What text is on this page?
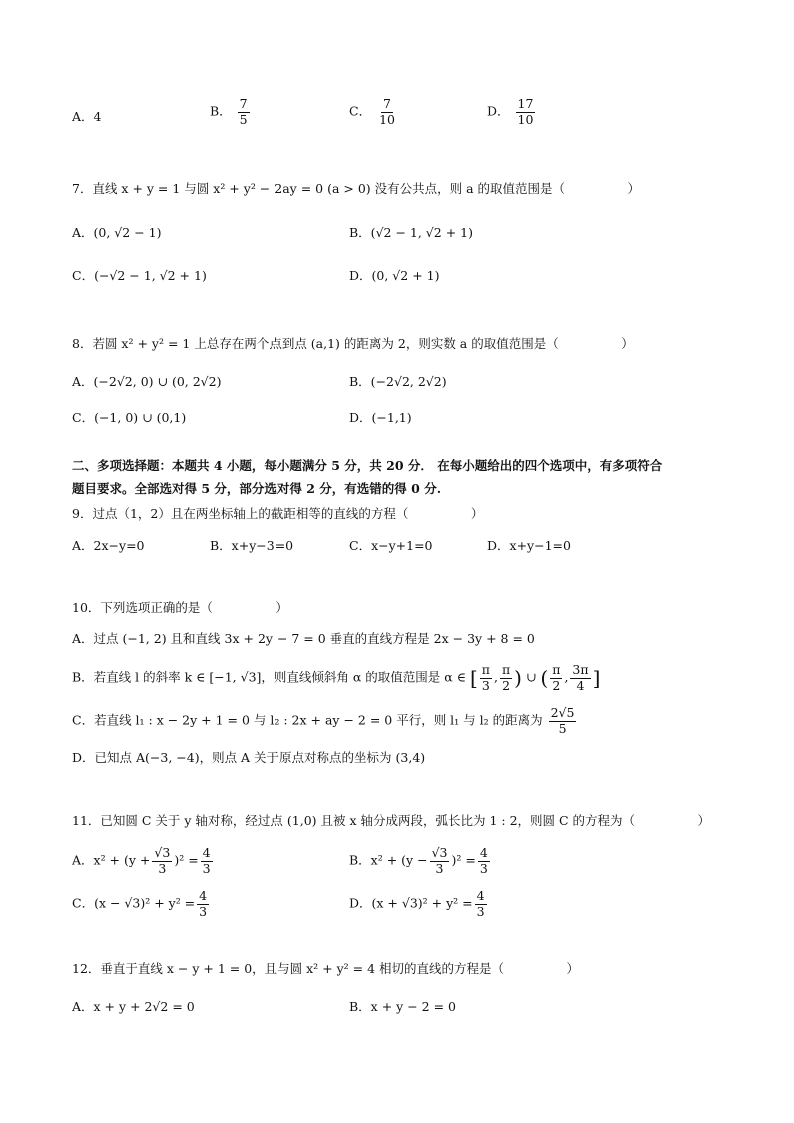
A．4	B． $\frac{7}{5}$	C． $\frac{7}{10}$	D． $\frac{17}{10}$
7．直线 x + y = 1 与圆 x² + y² − 2ay = 0 (a > 0) 没有公共点，则 a 的取值范围是（　　　　　）
A．(0, √2 − 1)	B．(√2 − 1, √2 + 1)
C．(−√2 − 1, √2 + 1)	D．(0, √2 + 1)
8．若圆 x² + y² = 1 上总存在两个点到点 (a,1) 的距离为 2，则实数 a 的取值范围是（　　　　　）
A．(−2√2, 0) ∪ (0, 2√2)	B．(−2√2, 2√2)
C．(−1, 0) ∪ (0,1)	D．(−1,1)
二、多项选择题：本题共 4 小题，每小题满分 5 分，共 20 分． 在每小题给出的四个选项中，有多项符合
题目要求。全部选对得 5 分，部分选对得 2 分，有选错的得 0 分.
9．过点（1，2）且在两坐标轴上的截距相等的直线的方程（　　　　　）
A．2x−y=0	B．x+y−3=0	C．x−y+1=0	D．x+y−1=0
10．下列选项正确的是（　　　　　）
A．过点 (−1, 2) 且和直线 3x + 2y − 7 = 0 垂直的直线方程是 2x − 3y + 8 = 0
B．若直线 l 的斜率 k ∈ [−1, √3]，则直线倾斜角 α 的取值范围是 α ∈ [ $\frac{\pi}{3}$ , $\frac{\pi}{2}$ ) ∪ ( $\frac{\pi}{2}$ , $\frac{3\pi}{4}$ ]
C．若直线 l₁ : x − 2y + 1 = 0 与 l₂ : 2x + ay − 2 = 0 平行，则 l₁ 与 l₂ 的距离为 $\frac{2√5}{5}$
D．已知点 A(−3, −4)，则点 A 关于原点对称点的坐标为 (3,4)
11．已知圆 C 关于 y 轴对称，经过点 (1,0) 且被 x 轴分成两段，弧长比为 1 : 2，则圆 C 的方程为（　　　　　）
A．$x^2 + (y + \frac{√3}{3} )^2 = \frac{4}{3}$	B．$x^2 + (y - \frac{√3}{3} )^2 = \frac{4}{3}$
C．$(x - √3)^2 + y^2 = \frac{4}{3}$	D．$(x + √3)^2 + y^2 = \frac{4}{3}$
12．垂直于直线 x − y + 1 = 0，且与圆 x² + y² = 4 相切的直线的方程是（　　　　　）
A．x + y + 2√2 = 0	B．x + y − 2 = 0
